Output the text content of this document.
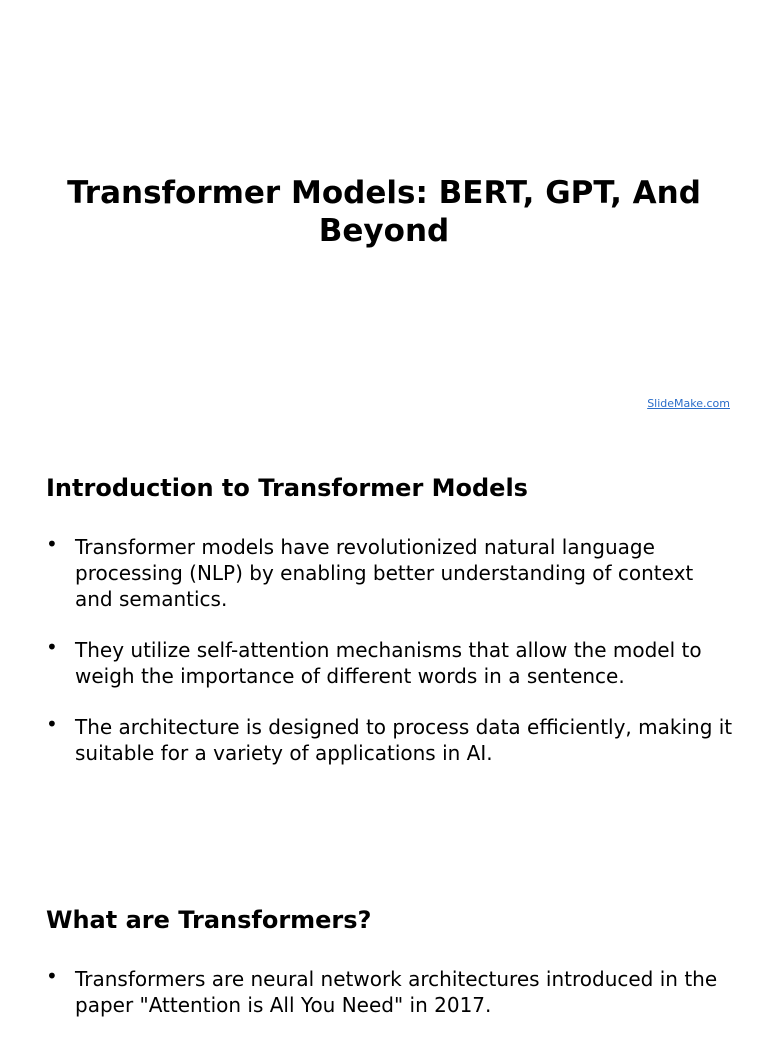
Transformer Models: BERT, GPT, And Beyond
SlideMake.com
Introduction to Transformer Models
• Transformer models have revolutionized natural language processing (NLP) by enabling better understanding of context and semantics.
• They utilize self-attention mechanisms that allow the model to weigh the importance of different words in a sentence.
• The architecture is designed to process data efficiently, making it suitable for a variety of applications in AI.
What are Transformers?
• Transformers are neural network architectures introduced in the paper "Attention is All You Need" in 2017.
